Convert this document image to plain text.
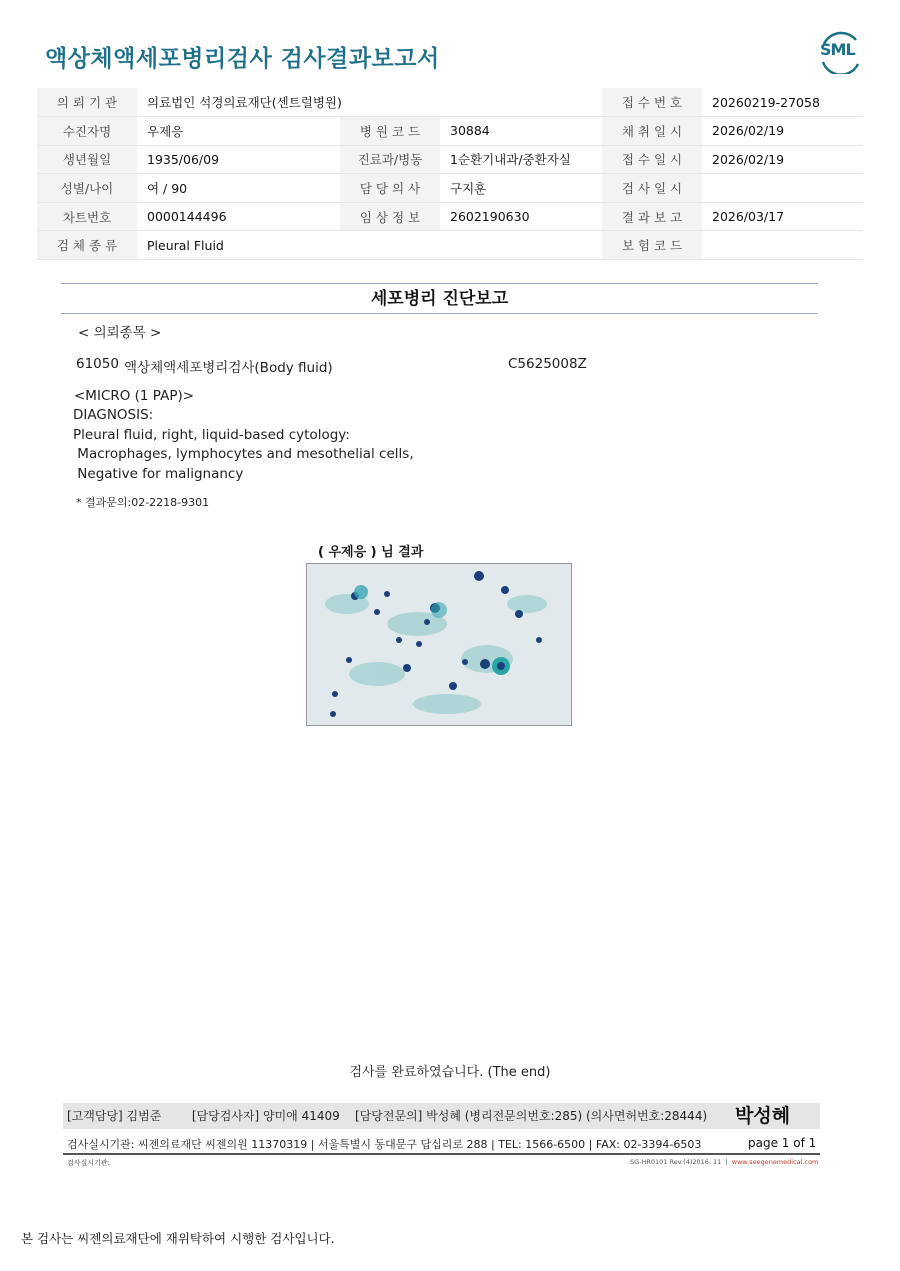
액상체액세포병리검사 검사결과보고서	SML
의 뢰 기 관	의료법인 석경의료재단(센트럴병원)			접 수 번 호	20260219-27058
수진자명	우제응	병 원 코 드	30884	채 취 일 시	2026/02/19
생년월일	1935/06/09	진료과/병동	1순환기내과/중환자실	접 수 일 시	2026/02/19
성별/나이	여 / 90	담 당 의 사	구지훈	검 사 일 시	
차트번호	0000144496	임 상 정 보	2602190630	결 과 보 고	2026/03/17
검 체 종 류	Pleural Fluid			보 험 코 드	
세포병리 진단보고
< 의뢰종목 >
61050 액상체액세포병리검사(Body fluid)	C5625008Z
<MICRO (1 PAP)>
DIAGNOSIS:
Pleural fluid, right, liquid-based cytology:
Macrophages, lymphocytes and mesothelial cells,
Negative for malignancy
* 결과문의:02-2218-9301
( 우제응 ) 님 결과
검사를 완료하였습니다. (The end)
[고객담당] 김범준        [담당검사자] 양미애 41409    [담당전문의] 박성혜 (병리전문의번호:285) (의사면허번호:28444)	박성혜
검사실시기관: 씨젠의료재단 씨젠의원 11370319 | 서울특별시 동대문구 답십리로 288 | TEL: 1566-6500 | FAX: 02-3394-6503	page 1 of 1
검사실시기관:	SG-HR0101 Rev.(4)2016. 11  |  www.seegenemedical.com
본 검사는 씨젠의료재단에 재위탁하여 시행한 검사입니다.
